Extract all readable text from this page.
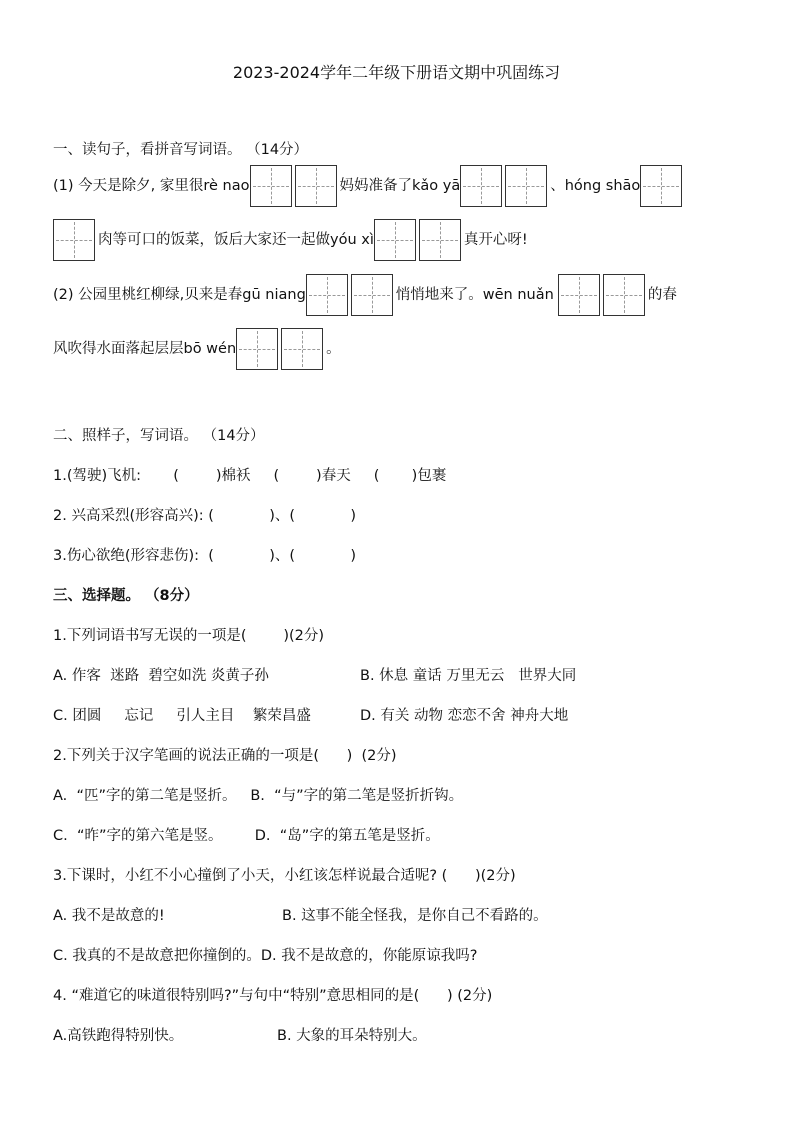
2023-2024学年二年级下册语文期中巩固练习
一、读句子，看拼音写词语。 （14分）
(1) 今天是除夕, 家里很rè nao	妈妈准备了kǎo yā	、hóng shāo
肉等可口的饭菜，饭后大家还一起做yóu xì	真开心呀!
(2) 公园里桃红柳绿,贝来是春gū niang	悄悄地来了。wēn nuǎn	的春
风吹得水面落起层层bō wén	。
二、照样子，写词语。 （14分）
1.(驾驶)飞机:       (        )棉袄     (        )春天     (       )包裹
2. 兴高采烈(形容高兴): (            )、(            )
3.伤心欲绝(形容悲伤):  (            )、(            )
三、选择题。 （8分）
1.下列词语书写无误的一项是(        )(2分)
A. 作客  迷路  碧空如洗 炎黄子孙	B. 休息 童话 万里无云   世界大同
C. 团圆     忘记     引人主目    繁荣昌盛	D. 有关 动物 恋恋不舍 神舟大地
2.下列关于汉字笔画的说法正确的一项是(      )  (2分)
A.  “匹”字的第二笔是竖折。   B.  “与”字的第二笔是竖折折钩。
C.  “昨”字的第六笔是竖。       D.  “岛”字的第五笔是竖折。
3.下课时，小红不小心撞倒了小天，小红该怎样说最合适呢? (      )(2分)
A. 我不是故意的!	B. 这事不能全怪我，是你自己不看路的。
C. 我真的不是故意把你撞倒的。D. 我不是故意的，你能原谅我吗?
4. “难道它的味道很特别吗?”与句中“特别”意思相同的是(      ) (2分)
A.高铁跑得特别快。	B. 大象的耳朵特别大。
